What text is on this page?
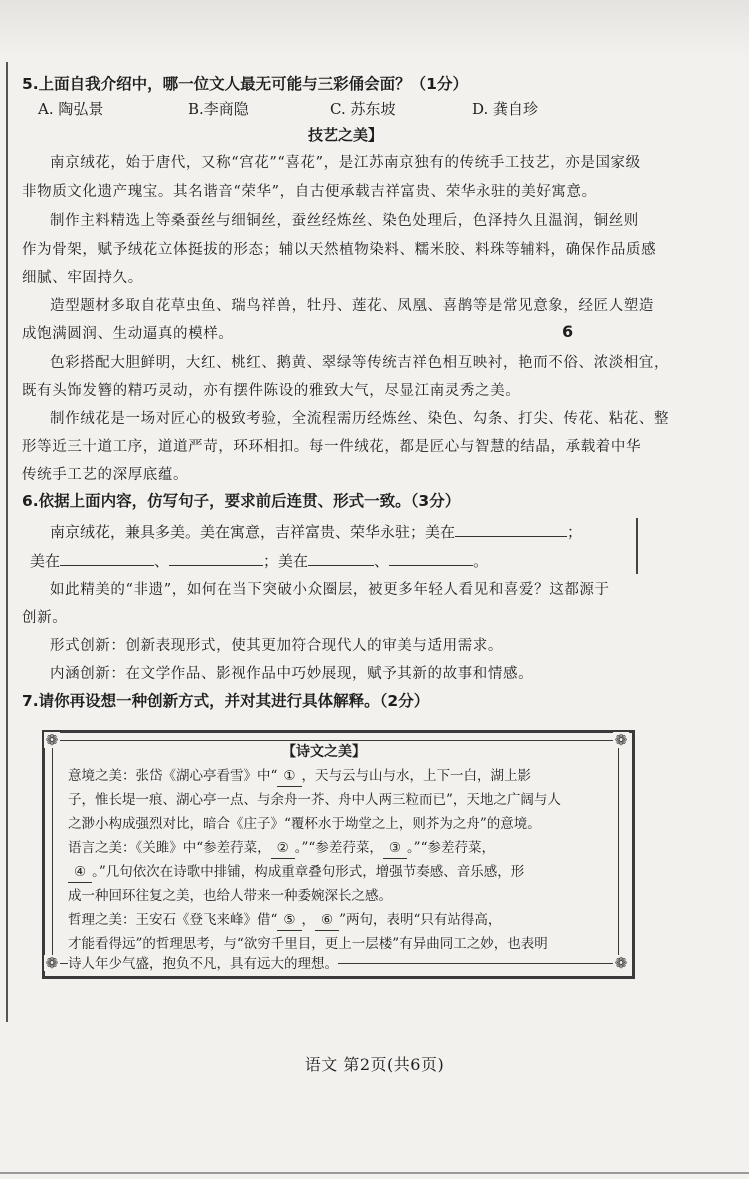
5.上面自我介绍中，哪一位文人最无可能与三彩俑会面？（1分）
A. 陶弘景	B.李商隐	C. 苏东坡	D. 龚自珍
技艺之美】
南京绒花，始于唐代，又称“宫花”“喜花”，是江苏南京独有的传统手工技艺，亦是国家级
非物质文化遗产瑰宝。其名谐音“荣华”，自古便承载吉祥富贵、荣华永驻的美好寓意。
制作主料精选上等桑蚕丝与细铜丝，蚕丝经炼丝、染色处理后，色泽持久且温润，铜丝则
作为骨架，赋予绒花立体挺拔的形态；辅以天然植物染料、糯米胶、料珠等辅料，确保作品质感
细腻、牢固持久。
造型题材多取自花草虫鱼、瑞鸟祥兽，牡丹、莲花、凤凰、喜鹊等是常见意象，经匠人塑造
成饱满圆润、生动逼真的模样。	6
色彩搭配大胆鲜明，大红、桃红、鹅黄、翠绿等传统吉祥色相互映衬，艳而不俗、浓淡相宜，
既有头饰发簪的精巧灵动，亦有摆件陈设的雅致大气，尽显江南灵秀之美。
制作绒花是一场对匠心的极致考验，全流程需历经炼丝、染色、勾条、打尖、传花、粘花、整
形等近三十道工序，道道严苛，环环相扣。每一件绒花，都是匠心与智慧的结晶，承载着中华
传统手工艺的深厚底蕴。
6.依据上面内容，仿写句子，要求前后连贯、形式一致。（3分）
南京绒花，兼具多美。美在寓意，吉祥富贵、荣华永驻；美在	；
美在	、	；美在	、	。
如此精美的“非遗”，如何在当下突破小众圈层，被更多年轻人看见和喜爱？这都源于
创新。
形式创新：创新表现形式，使其更加符合现代人的审美与适用需求。
内涵创新：在文学作品、影视作品中巧妙展现，赋予其新的故事和情感。
7.请你再设想一种创新方式，并对其进行具体解释。（2分）
❁	❁
❁	❁
【诗文之美】
意境之美：张岱《湖心亭看雪》中“ ① ，天与云与山与水，上下一白，湖上影
子，惟长堤一痕、湖心亭一点、与余舟一芥、舟中人两三粒而已”，天地之广阔与人
之渺小构成强烈对比，暗合《庄子》“覆杯水于坳堂之上，则芥为之舟”的意境。
语言之美：《关雎》中“参差荇菜， ② 。”“参差荇菜， ③ 。”“参差荇菜，
④ 。”几句依次在诗歌中排铺，构成重章叠句形式，增强节奏感、音乐感，形
成一种回环往复之美，也给人带来一种委婉深长之感。
哲理之美：王安石《登飞来峰》借“ ⑤ ， ⑥ ”两句，表明“只有站得高，
才能看得远”的哲理思考，与“欲穷千里目，更上一层楼”有异曲同工之妙，也表明
诗人年少气盛，抱负不凡，具有远大的理想。
语文 第2页(共6页)
